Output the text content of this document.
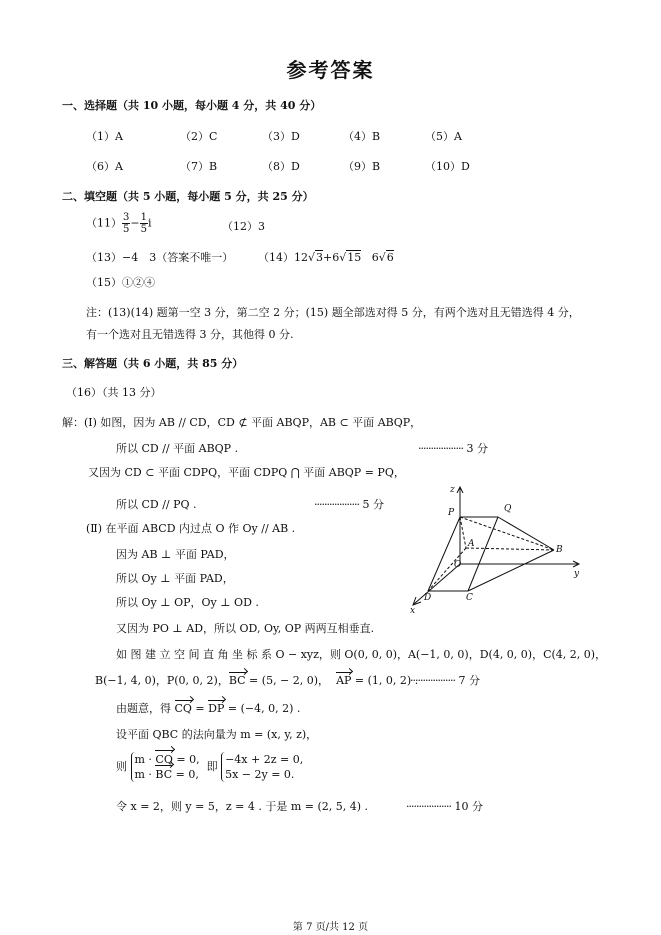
参考答案
一、选择题（共 10 小题，每小题 4 分，共 40 分）
（1）A	（2）C	（3）D	（4）B	（5）A
（6）A	（7）B	（8）D	（9）B	（10）D
二、填空题（共 5 小题，每小题 5 分，共 25 分）
$(11) \frac{3}{5} - \frac{1}{5}$ i	（12）3
（13）−4　3（答案不唯一） （14）12√3+6√15 6√6
（15）①②④
注：(13)(14) 题第一空 3 分，第二空 2 分；(15) 题全部选对得 5 分，有两个选对且无错选得 4 分，
有一个选对且无错选得 3 分，其他得 0 分.
三、解答题（共 6 小题，共 85 分）
（16）（共 13 分）
解：(Ⅰ) 如图，因为 AB // CD，CD ⊄ 平面 ABQP，AB ⊂ 平面 ABQP，
所以 CD // 平面 ABQP .	·················· 3 分
又因为 CD ⊂ 平面 CDPQ，平面 CDPQ ⋂ 平面 ABQP = PQ，
所以 CD // PQ .	·················· 5 分
(Ⅱ) 在平面 ABCD 内过点 O 作 Oy // AB .
因为 AB ⊥ 平面 PAD，
所以 Oy ⊥ 平面 PAD，
所以 Oy ⊥ OP，Oy ⊥ OD .
又因为 PO ⊥ AD，所以 OD, Oy, OP 两两互相垂直.
如 图 建 立 空 间 直 角 坐 标 系 O − xyz，则 O(0, 0, 0)，A(−1, 0, 0)，D(4, 0, 0)，C(4, 2, 0)，
B(−1, 4, 0)，P(0, 0, 2)，BC = (5, − 2, 0)， AP = (1, 0, 2) .
·················· 7 分
由题意，得 CQ = DP = (−4, 0, 2) .
设平面 QBC 的法向量为 m = (x, y, z)，
则
m · CQ = 0,
m · BC = 0,
即
−4x + 2z = 0,
5x − 2y = 0.
令 x = 2，则 y = 5，z = 4 . 于是 m = (2, 5, 4) .	·················· 10 分
z
P	Q
A
O
B
y
D	C
x
第 7 页/共 12 页
